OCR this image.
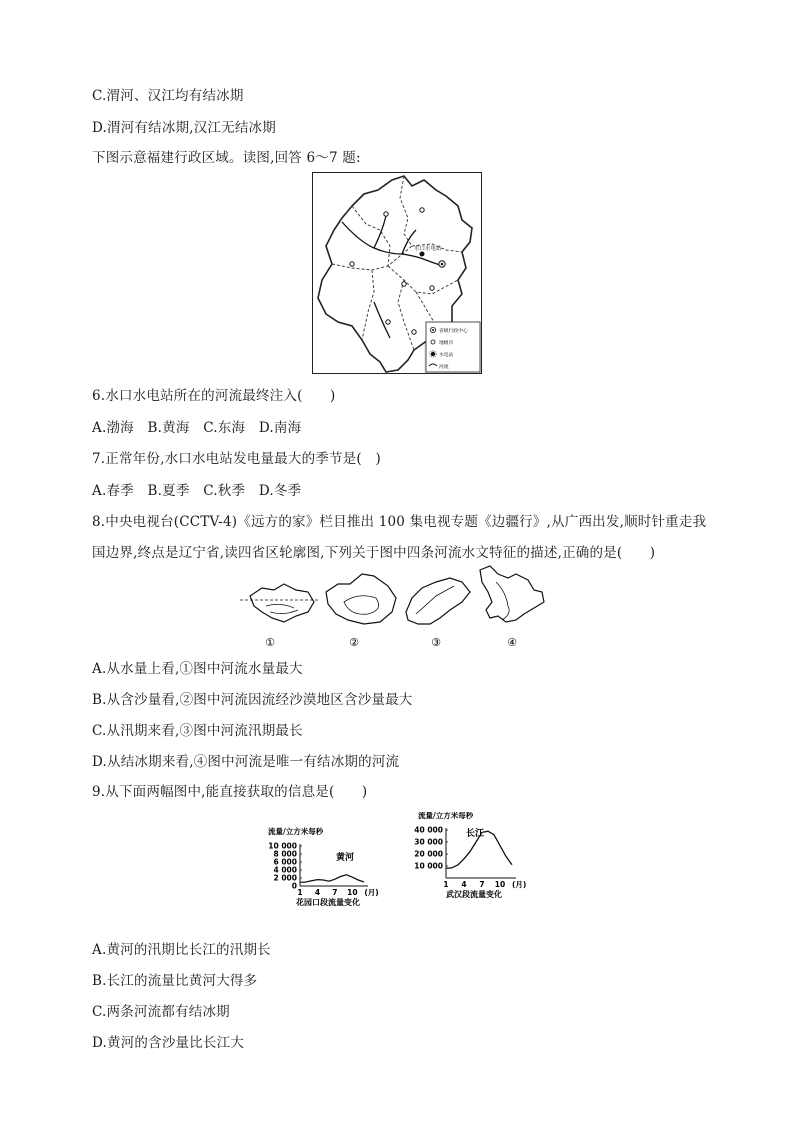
C.渭河、汉江均有结冰期
D.渭河有结冰期,汉江无结冰期
下图示意福建行政区域。读图,回答 6～7 题:
水口水电站
省级行政中心
地级市
水电站
河流
6.水口水电站所在的河流最终注入(　　)
A.渤海　B.黄海　C.东海　D.南海
7.正常年份,水口水电站发电量最大的季节是(　)
A.春季　B.夏季　C.秋季　D.冬季
8.中央电视台(CCTV-4)《远方的家》栏目推出 100 集电视专题《边疆行》,从广西出发,顺时针重走我
国边界,终点是辽宁省,读四省区轮廓图,下列关于图中四条河流水文特征的描述,正确的是(　　)
①	②	③	④
A.从水量上看,①图中河流水量最大
B.从含沙量看,②图中河流因流经沙漠地区含沙量最大
C.从汛期来看,③图中河流汛期最长
D.从结冰期来看,④图中河流是唯一有结冰期的河流
9.从下面两幅图中,能直接获取的信息是(　　)
流量/立方米每秒
10 000
8 000
6 000
4 000
2 000
0
1 4 7 10 (月)
黄河
花园口段流量变化
流量/立方米每秒
40 000
30 000
20 000
10 000
1 4 7 10 (月)
长江
武汉段流量变化
A.黄河的汛期比长江的汛期长
B.长江的流量比黄河大得多
C.两条河流都有结冰期
D.黄河的含沙量比长江大
